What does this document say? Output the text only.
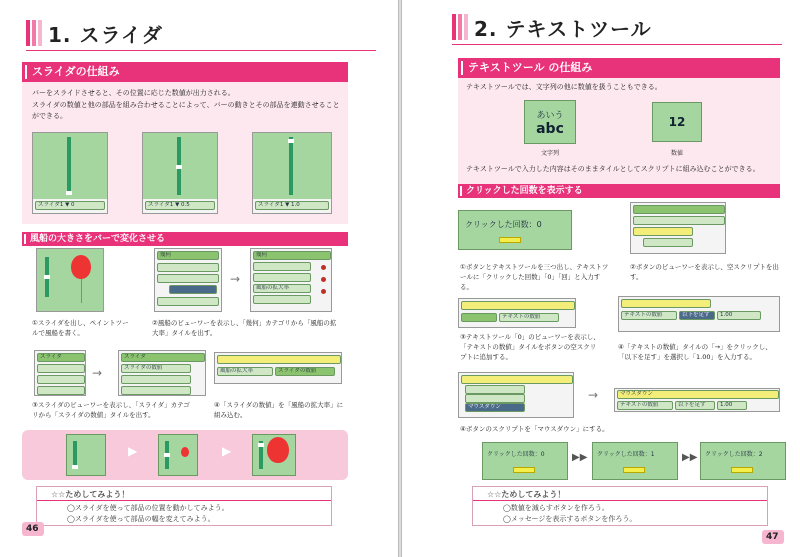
1. スライダ
スライダの仕組み
バーをスライドさせると、その位置に応じた数値が出力される。
スライダの数値と他の部品を組み合わせることによって、バーの動きとその部品を連動させることができる。
スライダ1 ▼ 0	スライダ1 ▼ 0.5	スライダ1 ▼ 1.0
風船の大きさをバーで変化させる
①スライダを出し、ペイントツールで風船を書く。
幾何
→
幾何
風船の拡大率
②風船のビューワーを表示し、「幾何」カテゴリから「風船の拡大率」タイルを出す。
スライダ
→
スライダ
スライダの数値
③スライダのビューワーを表示し、「スライダ」カテゴリから「スライダの数値」タイルを出す。
風船の拡大率	スライダの数値
④「スライダの数値」を「風船の拡大率」に組み込む。
▶	▶
☆☆ためしてみよう！
◯スライダを使って部品の位置を動かしてみよう。
◯スライダを使って部品の幅を変えてみよう。
46
2. テキストツール
テキストツール の仕組み
テキストツールでは、文字列の他に数値を扱うこともできる。
あいう
abc
文字列
12
数値
テキストツールで入力した内容はそのままタイルとしてスクリプトに組み込むことができる。
クリックした回数を表示する
クリックした回数：0
①ボタンとテキストツールを三つ出し、テキストツールに「クリックした回数」「0」「回」と入力する。
②ボタンのビューワーを表示し、空スクリプトを出す。
テキストの数値
③テキストツール「0」のビューワーを表示し、「テキストの数値」タイルをボタンの空スクリプトに追加する。
テキストの数値	以下を足す	1.00
④「テキストの数値」タイルの「→」をクリックし、「以下を足す」を選択し「1.00」を入力する。
マウスダウン
→	マウスダウン
テキストの数値	以下を足す	1.00
④ボタンのスクリプトを「マウスダウン」にする。
クリックした回数：0	▶▶ クリックした回数：1	▶▶ クリックした回数：2
☆☆ためしてみよう！
◯数値を減らすボタンを作ろう。
◯メッセージを表示するボタンを作ろう。
47
